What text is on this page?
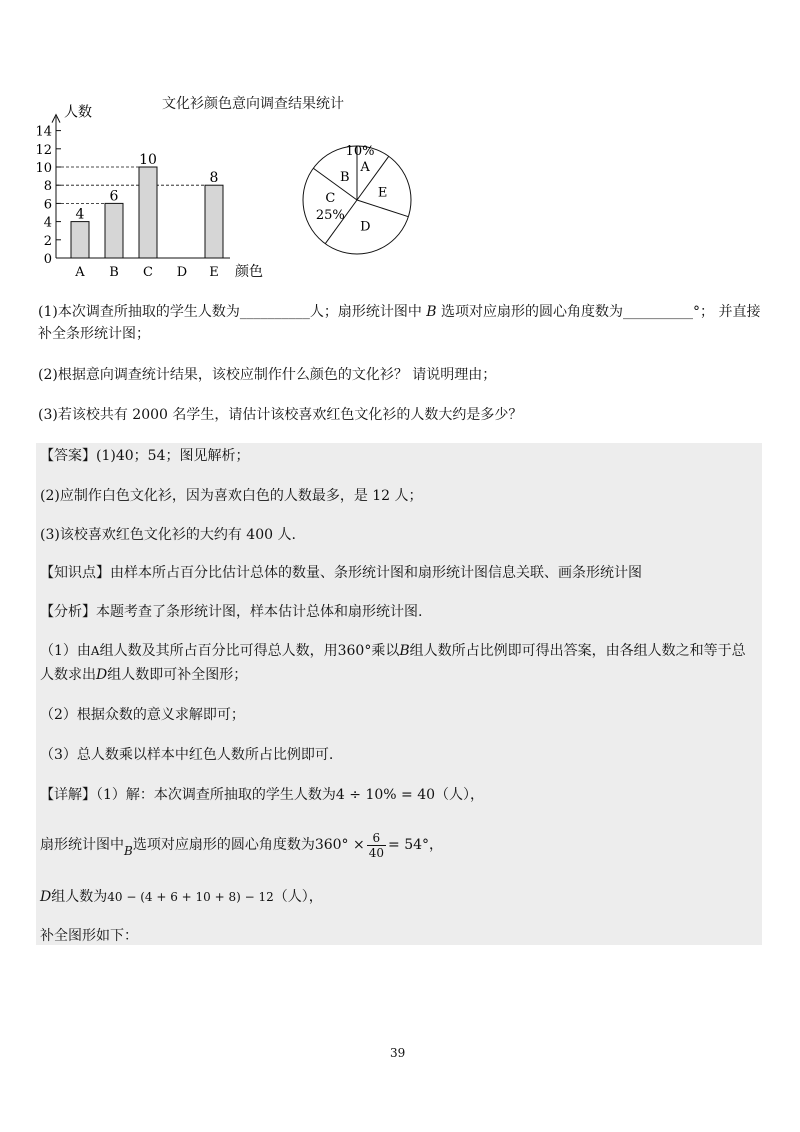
文化衫颜色意向调查结果统计
人数
颜色
0
2
4
6
8
10
12
14
4
A
6
B
10
C D
8
E
10%
A
E
D
C
25%
B
(1)本次调查所抽取的学生人数为__________人；扇形统计图中 B 选项对应扇形的圆心角度数为__________°； 并直接
补全条形统计图；
(2)根据意向调查统计结果，该校应制作什么颜色的文化衫？ 请说明理由；
(3)若该校共有 2000 名学生，请估计该校喜欢红色文化衫的人数大约是多少？
【答案】(1)40；54；图见解析；
(2)应制作白色文化衫，因为喜欢白色的人数最多，是 12 人；
(3)该校喜欢红色文化衫的大约有 400 人.
【知识点】由样本所占百分比估计总体的数量、条形统计图和扇形统计图信息关联、画条形统计图
【分析】本题考查了条形统计图，样本估计总体和扇形统计图.
（1）由A组人数及其所占百分比可得总人数，用360°乘以B组人数所占比例即可得出答案，由各组人数之和等于总
人数求出D组人数即可补全图形；
（2）根据众数的意义求解即可；
（3）总人数乘以样本中红色人数所占比例即可.
【详解】（1）解：本次调查所抽取的学生人数为4 ÷ 10% = 40（人），
扇形统计图中B选项对应扇形的圆心角度数为$360^\circ \times \frac{6}{40} = 54^\circ$，
D组人数为40 − (4 + 6 + 10 + 8) − 12（人），
补全图形如下：
39
